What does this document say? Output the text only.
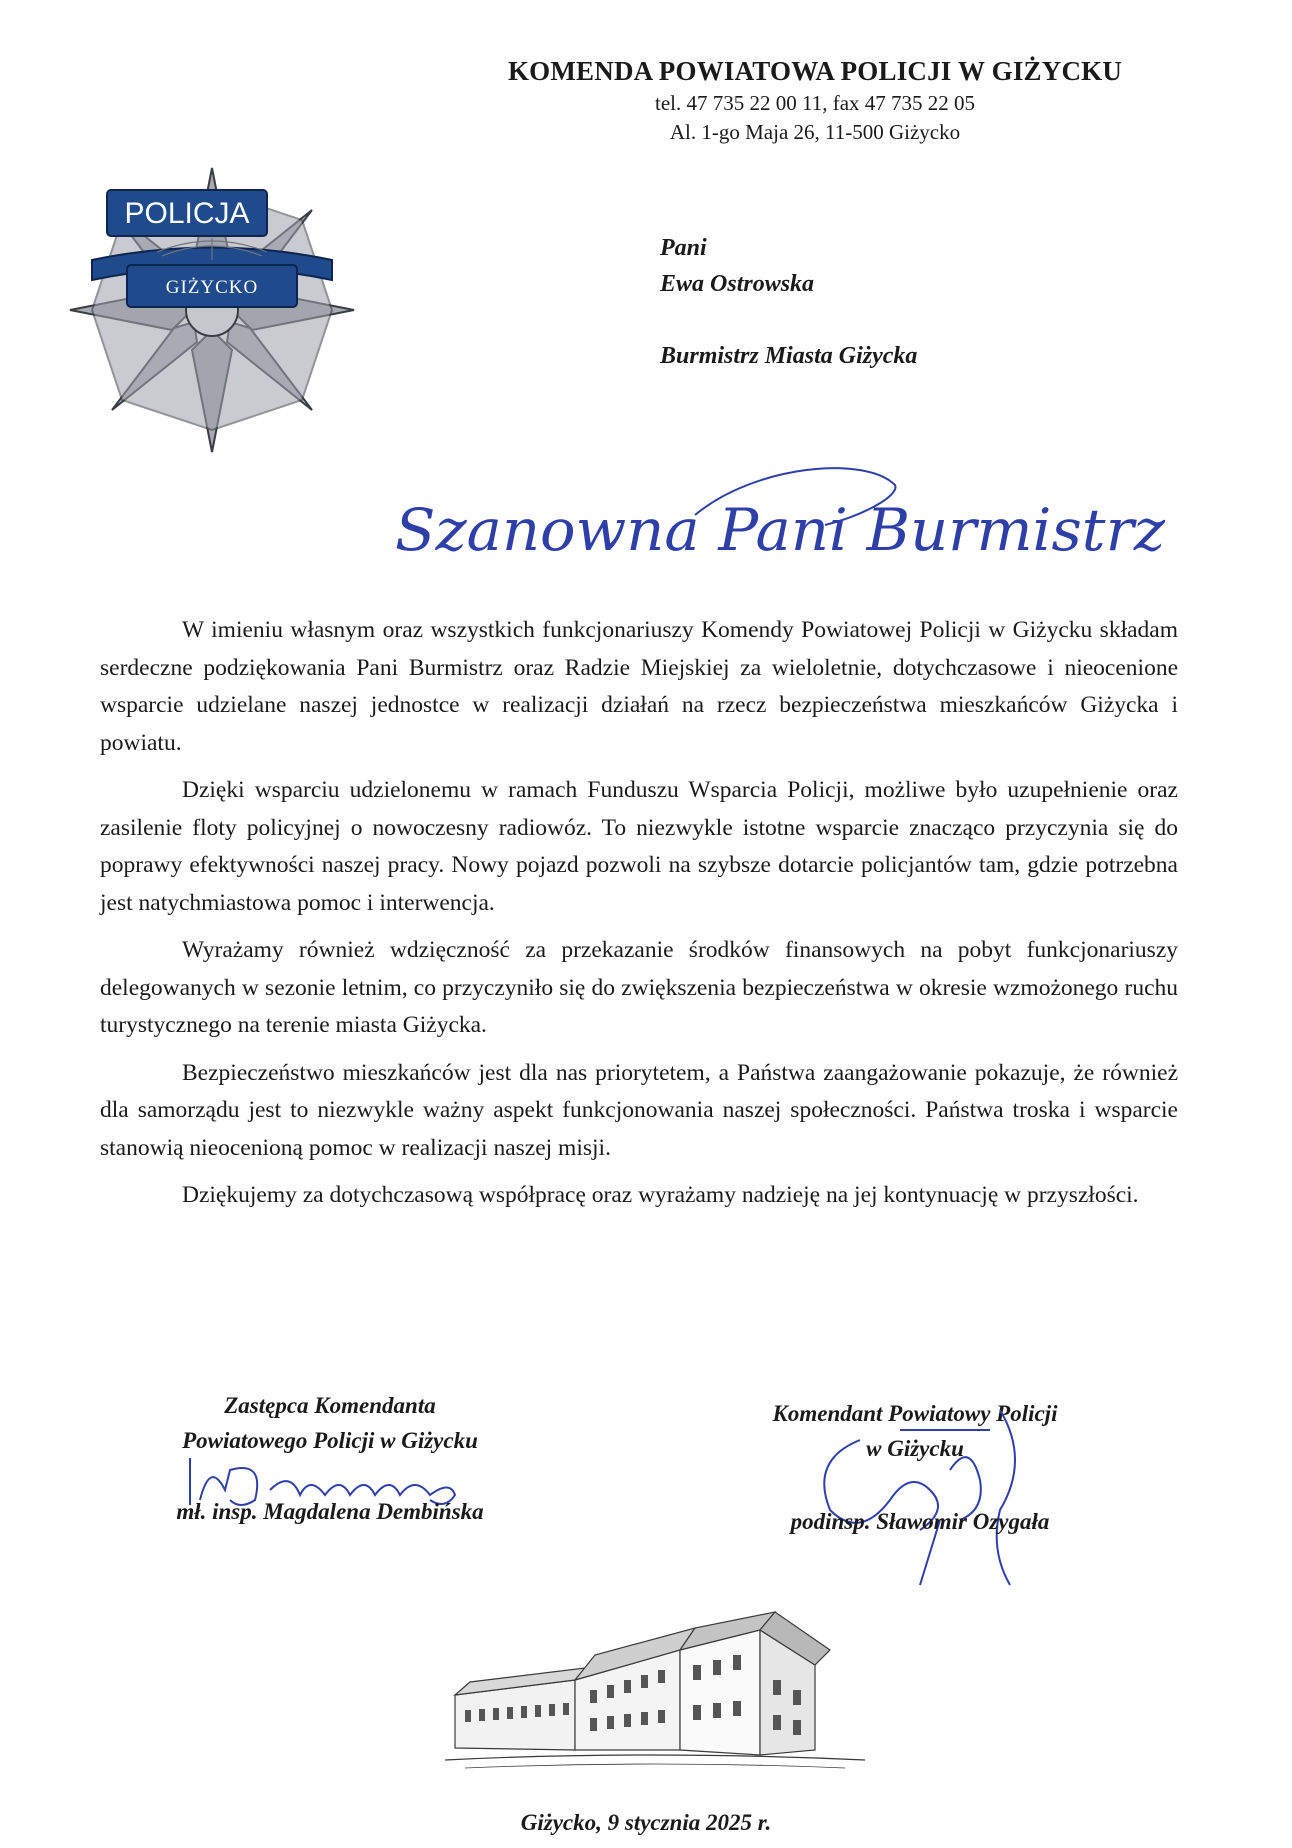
KOMENDA POWIATOWA POLICJI W GIŻYCKU
tel. 47 735 22 00 11, fax 47 735 22 05
Al. 1-go Maja 26, 11-500 Giżycko
POLICJA
GIŻYCKO
Pani
Ewa Ostrowska
Burmistrz Miasta Giżycka
Szanowna Pani Burmistrz

W imieniu własnym oraz wszystkich funkcjonariuszy Komendy Powiatowej Policji w Giżycku składam serdeczne podziękowania Pani Burmistrz oraz Radzie Miejskiej za wieloletnie, dotychczasowe i nieocenione wsparcie udzielane naszej jednostce w realizacji działań na rzecz bezpieczeństwa mieszkańców Giżycka i powiatu.

Dzięki wsparciu udzielonemu w ramach Funduszu Wsparcia Policji, możliwe było uzupełnienie oraz zasilenie floty policyjnej o nowoczesny radiowóz. To niezwykle istotne wsparcie znacząco przyczynia się do poprawy efektywności naszej pracy. Nowy pojazd pozwoli na szybsze dotarcie policjantów tam, gdzie potrzebna jest natychmiastowa pomoc i interwencja.

Wyrażamy również wdzięczność za przekazanie środków finansowych na pobyt funkcjonariuszy delegowanych w sezonie letnim, co przyczyniło się do zwiększenia bezpieczeństwa w okresie wzmożonego ruchu turystycznego na terenie miasta Giżycka.

Bezpieczeństwo mieszkańców jest dla nas priorytetem, a Państwa zaangażowanie pokazuje, że również dla samorządu jest to niezwykle ważny aspekt funkcjonowania naszej społeczności. Państwa troska i wsparcie stanowią nieocenioną pomoc w realizacji naszej misji.

Dziękujemy za dotychczasową współpracę oraz wyrażamy nadzieję na jej kontynuację w przyszłości.

Zastępca Komendanta
Powiatowego Policji w Giżycku
mł. insp. Magdalena Dembińska
Komendant Powiatowy Policji
w Giżycku
podinsp. Sławomir Ozygała
Giżycko, 9 stycznia 2025 r.
